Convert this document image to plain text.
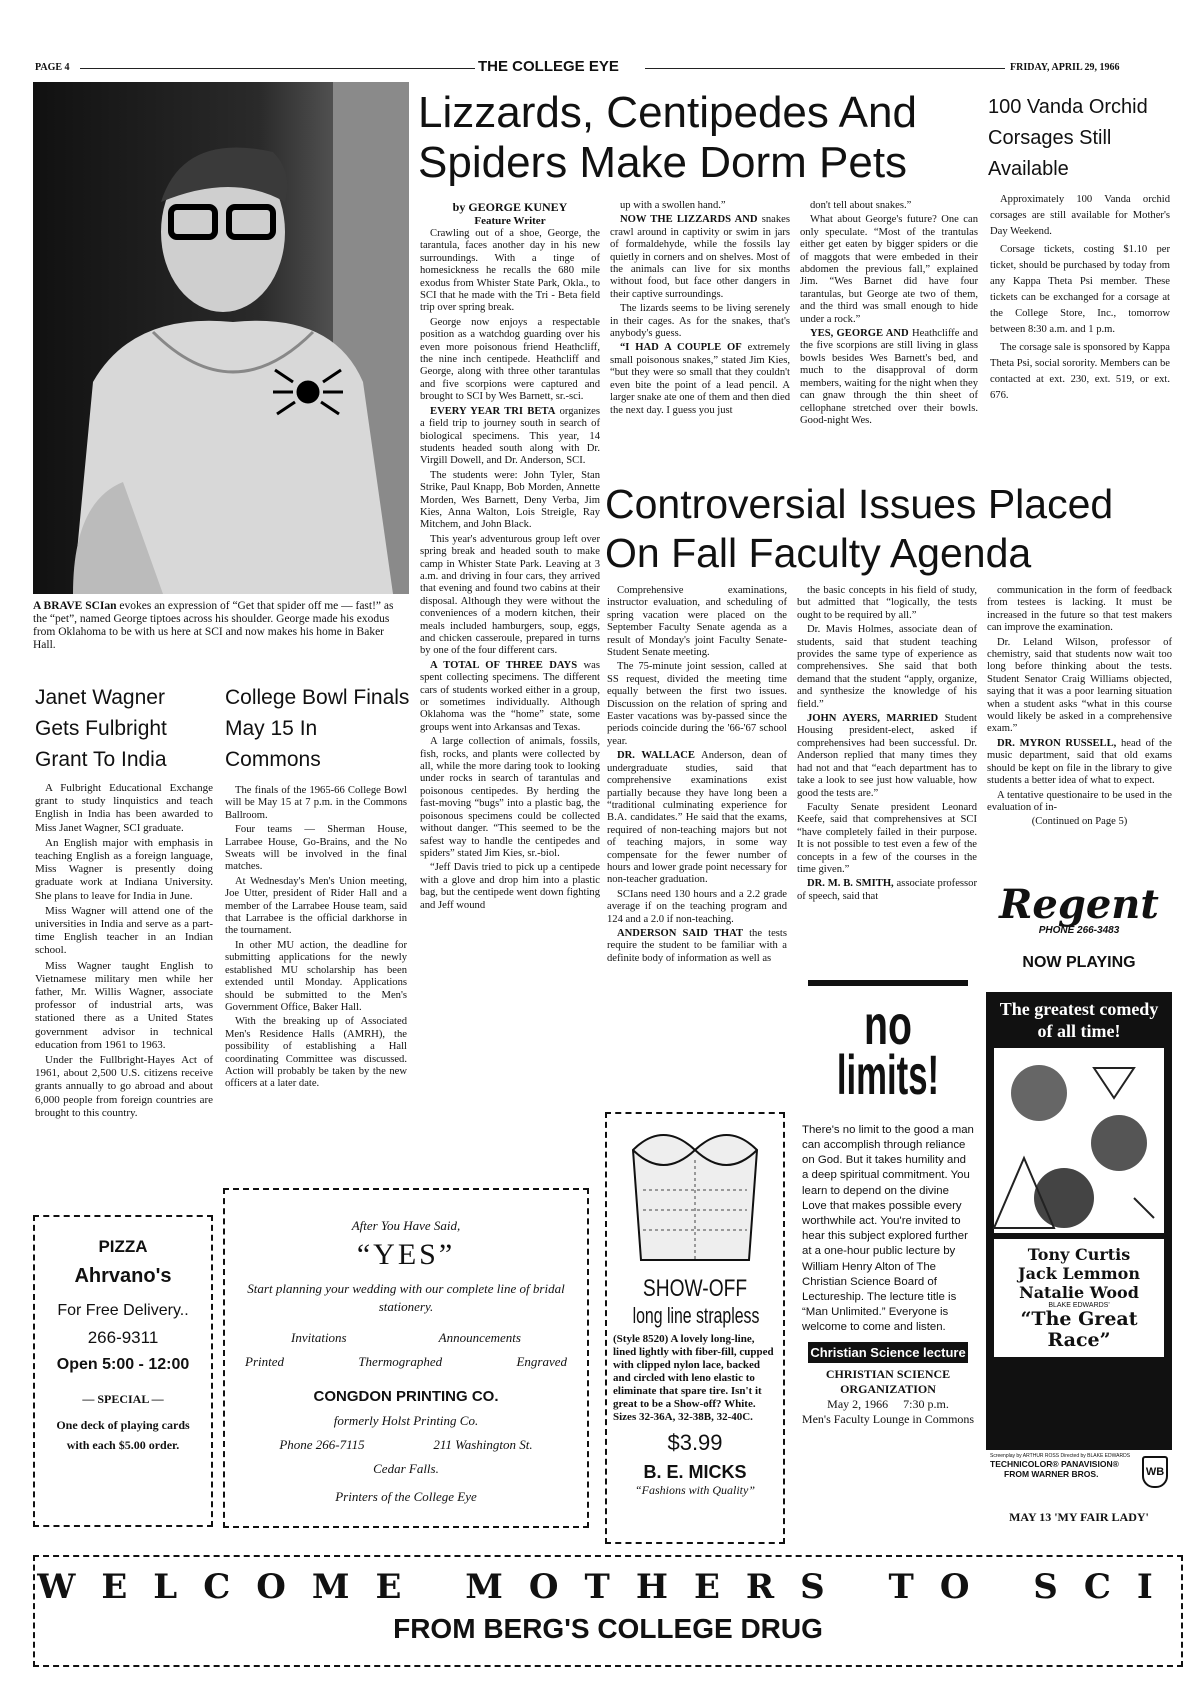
PAGE 4	THE COLLEGE EYE	FRIDAY, APRIL 29, 1966
A BRAVE SCIan evokes an expression of “Get that spider off me — fast!” as the “pet”, named George tiptoes across his shoulder. George made his exodus from Oklahoma to be with us here at SCI and now makes his home in Baker Hall.
Lizzards, Centipedes And Spiders Make Dorm Pets
by GEORGE KUNEY
Feature Writer

Crawling out of a shoe, George, the tarantula, faces another day in his new surroundings. With a tinge of homesickness he recalls the 680 mile exodus from Whister State Park, Okla., to SCI that he made with the Tri - Beta field trip over spring break.

George now enjoys a respectable position as a watchdog guarding over his even more poisonous friend Heathcliff, the nine inch centipede. Heathcliff and George, along with three other tarantulas and five scorpions were captured and brought to SCI by Wes Barnett, sr.-sci.

EVERY YEAR TRI BETA organizes a field trip to journey south in search of biological specimens. This year, 14 students headed south along with Dr. Virgill Dowell, and Dr. Anderson, SCI.

The students were: John Tyler, Stan Strike, Paul Knapp, Bob Morden, Annette Morden, Wes Barnett, Deny Verba, Jim Kies, Anna Walton, Lois Streigle, Ray Mitchem, and John Black.

This year's adventurous group left over spring break and headed south to make camp in Whister State Park. Leaving at 3 a.m. and driving in four cars, they arrived that evening and found two cabins at their disposal. Although they were without the conveniences of a modern kitchen, their meals included hamburgers, soup, eggs, and chicken casseroule, prepared in turns by one of the four different cars.

A TOTAL OF THREE DAYS was spent collecting specimens. The different cars of students worked either in a group, or sometimes individually. Although Oklahoma was the “home” state, some groups went into Arkansas and Texas.

A large collection of animals, fossils, fish, rocks, and plants were collected by all, while the more daring took to looking under rocks in search of tarantulas and poisonous centipedes. By herding the fast-moving “bugs” into a plastic bag, the poisonous specimens could be collected without danger. “This seemed to be the safest way to handle the centipedes and spiders” stated Jim Kies, sr.-biol.

“Jeff Davis tried to pick up a centipede with a glove and drop him into a plastic bag, but the centipede went down fighting and Jeff wound

up with a swollen hand.”

NOW THE LIZZARDS AND snakes crawl around in captivity or swim in jars of formaldehyde, while the fossils lay quietly in corners and on shelves. Most of the animals can live for six months without food, but face other dangers in their captive surroundings.

The lizards seems to be living serenely in their cages. As for the snakes, that's anybody's guess.

“I HAD A COUPLE OF extremely small poisonous snakes,” stated Jim Kies, “but they were so small that they couldn't even bite the point of a lead pencil. A larger snake ate one of them and then died the next day. I guess you just

don't tell about snakes.”

What about George's future? One can only speculate. “Most of the trantulas either get eaten by bigger spiders or die of maggots that were embeded in their abdomen the previous fall,” explained Jim. “Wes Barnet did have four tarantulas, but George ate two of them, and the third was small enough to hide under a rock.”

YES, GEORGE AND Heathcliffe and the five scorpions are still living in glass bowls besides Wes Barnett's bed, and much to the disapproval of dorm members, waiting for the night when they can gnaw through the thin sheet of cellophane stretched over their bowls. Good-night Wes.

100 Vanda Orchid Corsages Still Available

Approximately 100 Vanda orchid corsages are still available for Mother's Day Weekend.

Corsage tickets, costing $1.10 per ticket, should be purchased by today from any Kappa Theta Psi member. These tickets can be exchanged for a corsage at the College Store, Inc., tomorrow between 8:30 a.m. and 1 p.m.

The corsage sale is sponsored by Kappa Theta Psi, social sorority. Members can be contacted at ext. 230, ext. 519, or ext. 676.

Controversial Issues Placed On Fall Faculty Agenda

Comprehensive examinations, instructor evaluation, and scheduling of spring vacation were placed on the September Faculty Senate agenda as a result of Monday's joint Faculty Senate-Student Senate meeting.

The 75-minute joint session, called at SS request, divided the meeting time equally between the first two issues. Discussion on the relation of spring and Easter vacations was by-passed since the periods coincide during the '66-'67 school year.

DR. WALLACE Anderson, dean of undergraduate studies, said that comprehensive examinations exist partially because they have long been a “traditional culminating experience for B.A. candidates.” He said that the exams, required of non-teaching majors but not of teaching majors, in some way compensate for the fewer number of hours and lower grade point necessary for non-teacher graduation.

SCIans need 130 hours and a 2.2 grade average if on the teaching program and 124 and a 2.0 if non-teaching.

ANDERSON SAID THAT the tests require the student to be familiar with a definite body of information as well as

the basic concepts in his field of study, but admitted that “logically, the tests ought to be required by all.”

Dr. Mavis Holmes, associate dean of students, said that student teaching provides the same type of experience as comprehensives. She said that both demand that the student “apply, organize, and synthesize the knowledge of his field.”

JOHN AYERS, MARRIED Student Housing president-elect, asked if comprehensives had been successful. Dr. Anderson replied that many times they had not and that “each department has to take a look to see just how valuable, how good the tests are.”

Faculty Senate president Leonard Keefe, said that comprehensives at SCI “have completely failed in their purpose. It is not possible to test even a few of the concepts in a few of the courses in the time given.”

DR. M. B. SMITH, associate professor of speech, said that

communication in the form of feedback from testees is lacking. It must be increased in the future so that test makers can improve the examination.

Dr. Leland Wilson, professor of chemistry, said that students now wait too long before thinking about the tests. Student Senator Craig Williams objected, saying that it was a poor learning situation when a student asks “what in this course would likely be asked in a comprehensive exam.”

DR. MYRON RUSSELL, head of the music department, said that old exams should be kept on file in the library to give students a better idea of what to expect.

A tentative questionaire to be used in the evaluation of in-

(Continued on Page 5)
Janet Wagner Gets Fulbright Grant To India

A Fulbright Educational Exchange grant to study linquistics and teach English in India has been awarded to Miss Janet Wagner, SCI graduate.

An English major with emphasis in teaching English as a foreign language, Miss Wagner is presently doing graduate work at Indiana University. She plans to leave for India in June.

Miss Wagner will attend one of the universities in India and serve as a part-time English teacher in an Indian school.

Miss Wagner taught English to Vietnamese military men while her father, Mr. Willis Wagner, associate professor of industrial arts, was stationed there as a United States government advisor in technical education from 1961 to 1963.

Under the Fullbright-Hayes Act of 1961, about 2,500 U.S. citizens receive grants annually to go abroad and about 6,000 people from foreign countries are brought to this country.

College Bowl Finals May 15 In Commons

The finals of the 1965-66 College Bowl will be May 15 at 7 p.m. in the Commons Ballroom.

Four teams — Sherman House, Larrabee House, Go-Brains, and the No Sweats will be involved in the final matches.

At Wednesday's Men's Union meeting, Joe Utter, president of Rider Hall and a member of the Larrabee House team, said that Larrabee is the official darkhorse in the tournament.

In other MU action, the deadline for submitting applications for the newly established MU scholarship has been extended until Monday. Applications should be submitted to the Men's Government Office, Baker Hall.

With the breaking up of Associated Men's Residence Halls (AMRH), the possibility of establishing a Hall coordinating Committee was discussed. Action will probably be taken by the new officers at a later date.

PIZZA
Ahrvano's
For Free Delivery..
266-9311
Open 5:00 - 12:00
— SPECIAL —
One deck of playing cards with each $5.00 order.
After You Have Said,
“YES”
Start planning your wedding with our complete line of bridal stationery.
Invitations	Announcements
Printed	Thermographed	Engraved
CONGDON PRINTING CO.
formerly Holst Printing Co.
Phone 266-7115	211 Washington St.
Cedar Falls.
Printers of the College Eye
SHOW-OFF
long line strapless
(Style 8520) A lovely long-line, lined lightly with fiber-fill, cupped with clipped nylon lace, backed and circled with leno elastic to eliminate that spare tire. Isn't it great to be a Show-off? White. Sizes 32-36A, 32-38B, 32-40C.
$3.99
B. E. MICKS
“Fashions with Quality”
no
limits!
There's no limit to the good a man can accomplish through reliance on God. But it takes humility and a deep spiritual commitment. You learn to depend on the divine Love that makes possible every worthwhile act. You're invited to hear this subject explored further at a one-hour public lecture by William Henry Alton of The Christian Science Board of Lectureship. The lecture title is “Man Unlimited.” Everyone is welcome to come and listen.
Christian Science lecture
CHRISTIAN SCIENCE ORGANIZATION
May 2, 1966     7:30 p.m.
Men's Faculty Lounge in Commons
Regent
PHONE 266-3483
NOW PLAYING
The greatest comedy of all time!
Tony Curtis
Jack Lemmon
Natalie Wood
BLAKE EDWARDS'
“The Great Race”
Screenplay by ARTHUR ROSS Directed by BLAKE EDWARDS
TECHNICOLOR® PANAVISION®
FROM WARNER BROS.	WB
MAY 13 'MY FAIR LADY'
WELCOME MOTHERS TO SCI
FROM BERG'S COLLEGE DRUG
